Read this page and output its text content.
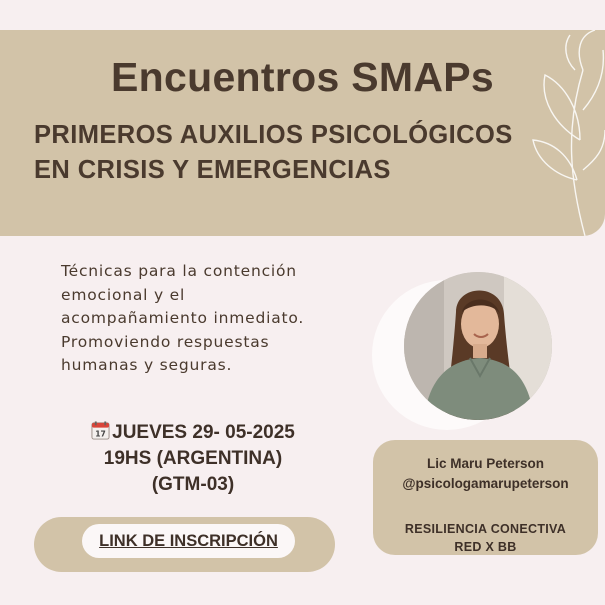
Encuentros SMAPs
PRIMEROS AUXILIOS PSICOLÓGICOS
EN CRISIS Y EMERGENCIAS
Técnicas para la contención
emocional y el
acompañamiento inmediato.
Promoviendo respuestas
humanas y seguras.
17 JUEVES 29- 05-2025
19HS (ARGENTINA)
(GTM-03)
LINK DE INSCRIPCIÓN
Lic Maru Peterson
@psicologamarupeterson
RESILIENCIA CONECTIVA
RED X BB
